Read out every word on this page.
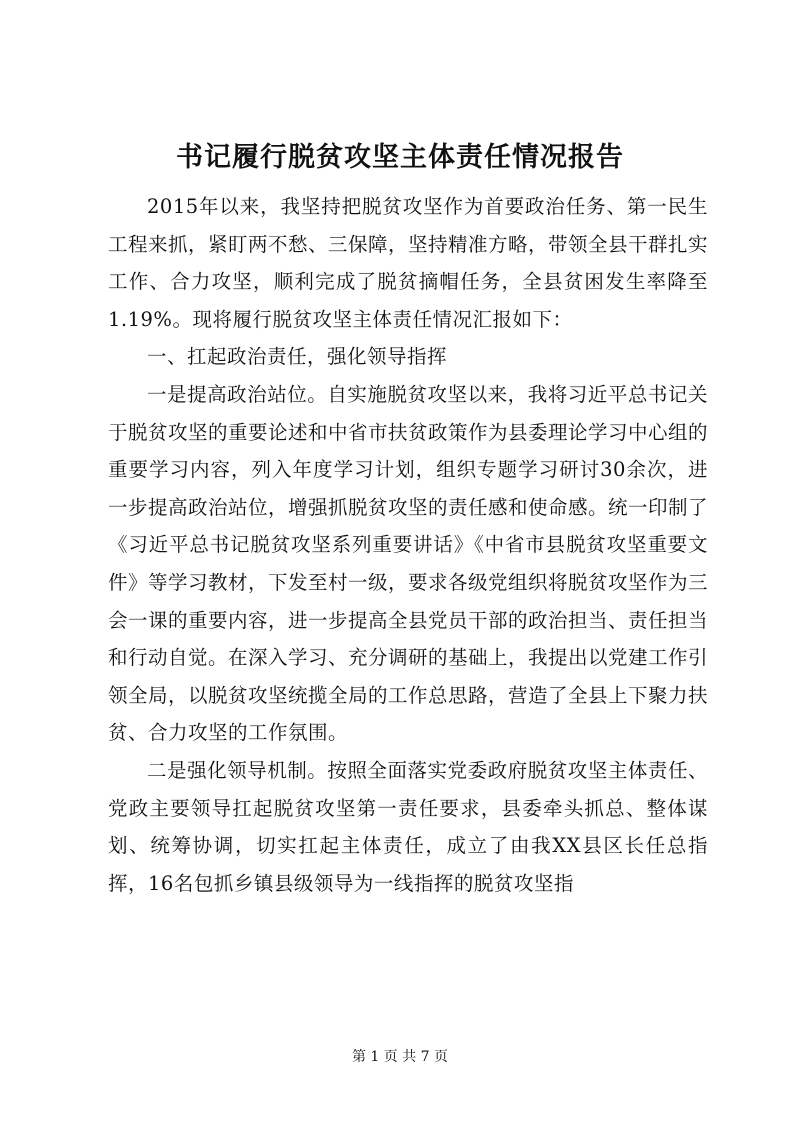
书记履行脱贫攻坚主体责任情况报告

2015年以来，我坚持把脱贫攻坚作为首要政治任务、第一民生工程来抓，紧盯两不愁、三保障，坚持精准方略，带领全县干群扎实工作、合力攻坚，顺利完成了脱贫摘帽任务，全县贫困发生率降至1.19%。现将履行脱贫攻坚主体责任情况汇报如下：

一、扛起政治责任，强化领导指挥

一是提高政治站位。自实施脱贫攻坚以来，我将习近平总书记关于脱贫攻坚的重要论述和中省市扶贫政策作为县委理论学习中心组的重要学习内容，列入年度学习计划，组织专题学习研讨30余次，进一步提高政治站位，增强抓脱贫攻坚的责任感和使命感。统一印制了《习近平总书记脱贫攻坚系列重要讲话》《中省市县脱贫攻坚重要文件》等学习教材，下发至村一级，要求各级党组织将脱贫攻坚作为三会一课的重要内容，进一步提高全县党员干部的政治担当、责任担当和行动自觉。在深入学习、充分调研的基础上，我提出以党建工作引领全局，以脱贫攻坚统揽全局的工作总思路，营造了全县上下聚力扶贫、合力攻坚的工作氛围。

二是强化领导机制。按照全面落实党委政府脱贫攻坚主体责任、党政主要领导扛起脱贫攻坚第一责任要求，县委牵头抓总、整体谋划、统筹协调，切实扛起主体责任，成立了由我XX县区长任总指挥，16名包抓乡镇县级领导为一线指挥的脱贫攻坚指

第 1 页 共 7 页
